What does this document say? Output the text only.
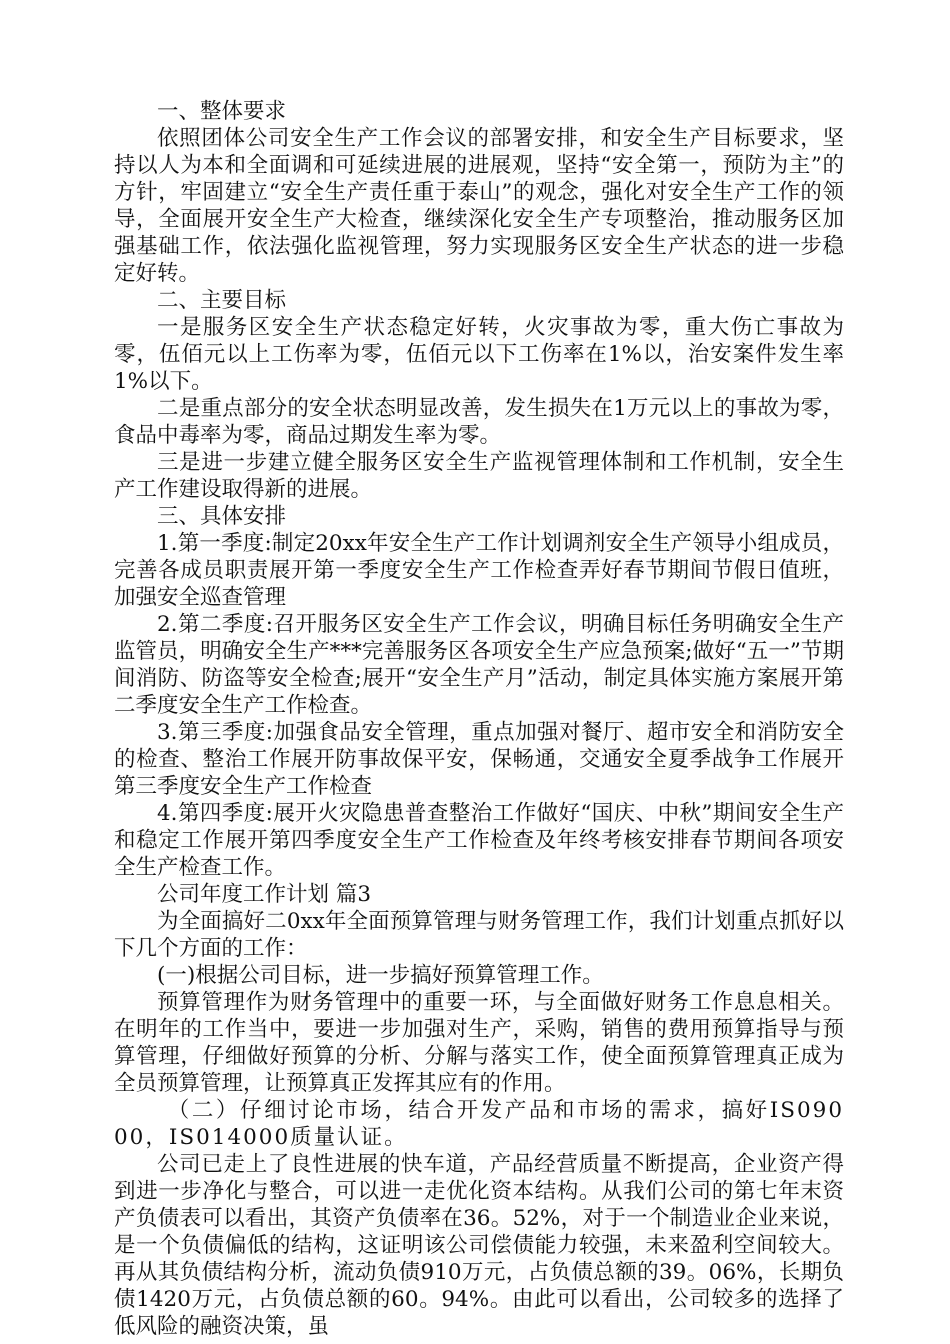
一、整体要求

依照团体公司安全生产工作会议的部署安排，和安全生产目标要求，坚持以人为本和全面调和可延续进展的进展观，坚持“安全第一，预防为主”的方针，牢固建立“安全生产责任重于泰山”的观念，强化对安全生产工作的领导，全面展开安全生产大检查，继续深化安全生产专项整治，推动服务区加强基础工作，依法强化监视管理，努力实现服务区安全生产状态的进一步稳定好转。

二、主要目标

一是服务区安全生产状态稳定好转，火灾事故为零，重大伤亡事故为零，伍佰元以上工伤率为零，伍佰元以下工伤率在1%以，治安案件发生率1%以下。

二是重点部分的安全状态明显改善，发生损失在1万元以上的事故为零，食品中毒率为零，商品过期发生率为零。

三是进一步建立健全服务区安全生产监视管理体制和工作机制，安全生产工作建设取得新的进展。

三、具体安排

1.第一季度:制定20xx年安全生产工作计划调剂安全生产领导小组成员，完善各成员职责展开第一季度安全生产工作检查弄好春节期间节假日值班，加强安全巡查管理

2.第二季度:召开服务区安全生产工作会议，明确目标任务明确安全生产监管员，明确安全生产***完善服务区各项安全生产应急预案;做好“五一”节期间消防、防盗等安全检查;展开“安全生产月”活动，制定具体实施方案展开第二季度安全生产工作检查。

3.第三季度:加强食品安全管理，重点加强对餐厅、超市安全和消防安全的检查、整治工作展开防事故保平安，保畅通，交通安全夏季战争工作展开第三季度安全生产工作检查

4.第四季度:展开火灾隐患普查整治工作做好“国庆、中秋”期间安全生产和稳定工作展开第四季度安全生产工作检查及年终考核安排春节期间各项安全生产检查工作。

公司年度工作计划 篇3

为全面搞好二0xx年全面预算管理与财务管理工作，我们计划重点抓好以下几个方面的工作：

(一)根据公司目标，进一步搞好预算管理工作。

预算管理作为财务管理中的重要一环，与全面做好财务工作息息相关。在明年的工作当中，要进一步加强对生产，采购，销售的费用预算指导与预算管理，仔细做好预算的分析、分解与落实工作，使全面预算管理真正成为全员预算管理，让预算真正发挥其应有的作用。

（二）仔细讨论市场，结合开发产品和市场的需求，搞好IS09000，IS014000质量认证。

公司已走上了良性进展的快车道，产品经营质量不断提高，企业资产得到进一步净化与整合，可以进一走优化资本结构。从我们公司的第七年末资产负债表可以看出，其资产负债率在36。52%，对于一个制造业企业来说，是一个负债偏低的结构，这证明该公司偿债能力较强，未来盈利空间较大。再从其负债结构分析，流动负债910万元，占负债总额的39。06%，长期负债1420万元，占负债总额的60。94%。由此可以看出，公司较多的选择了低风险的融资决策，虽
